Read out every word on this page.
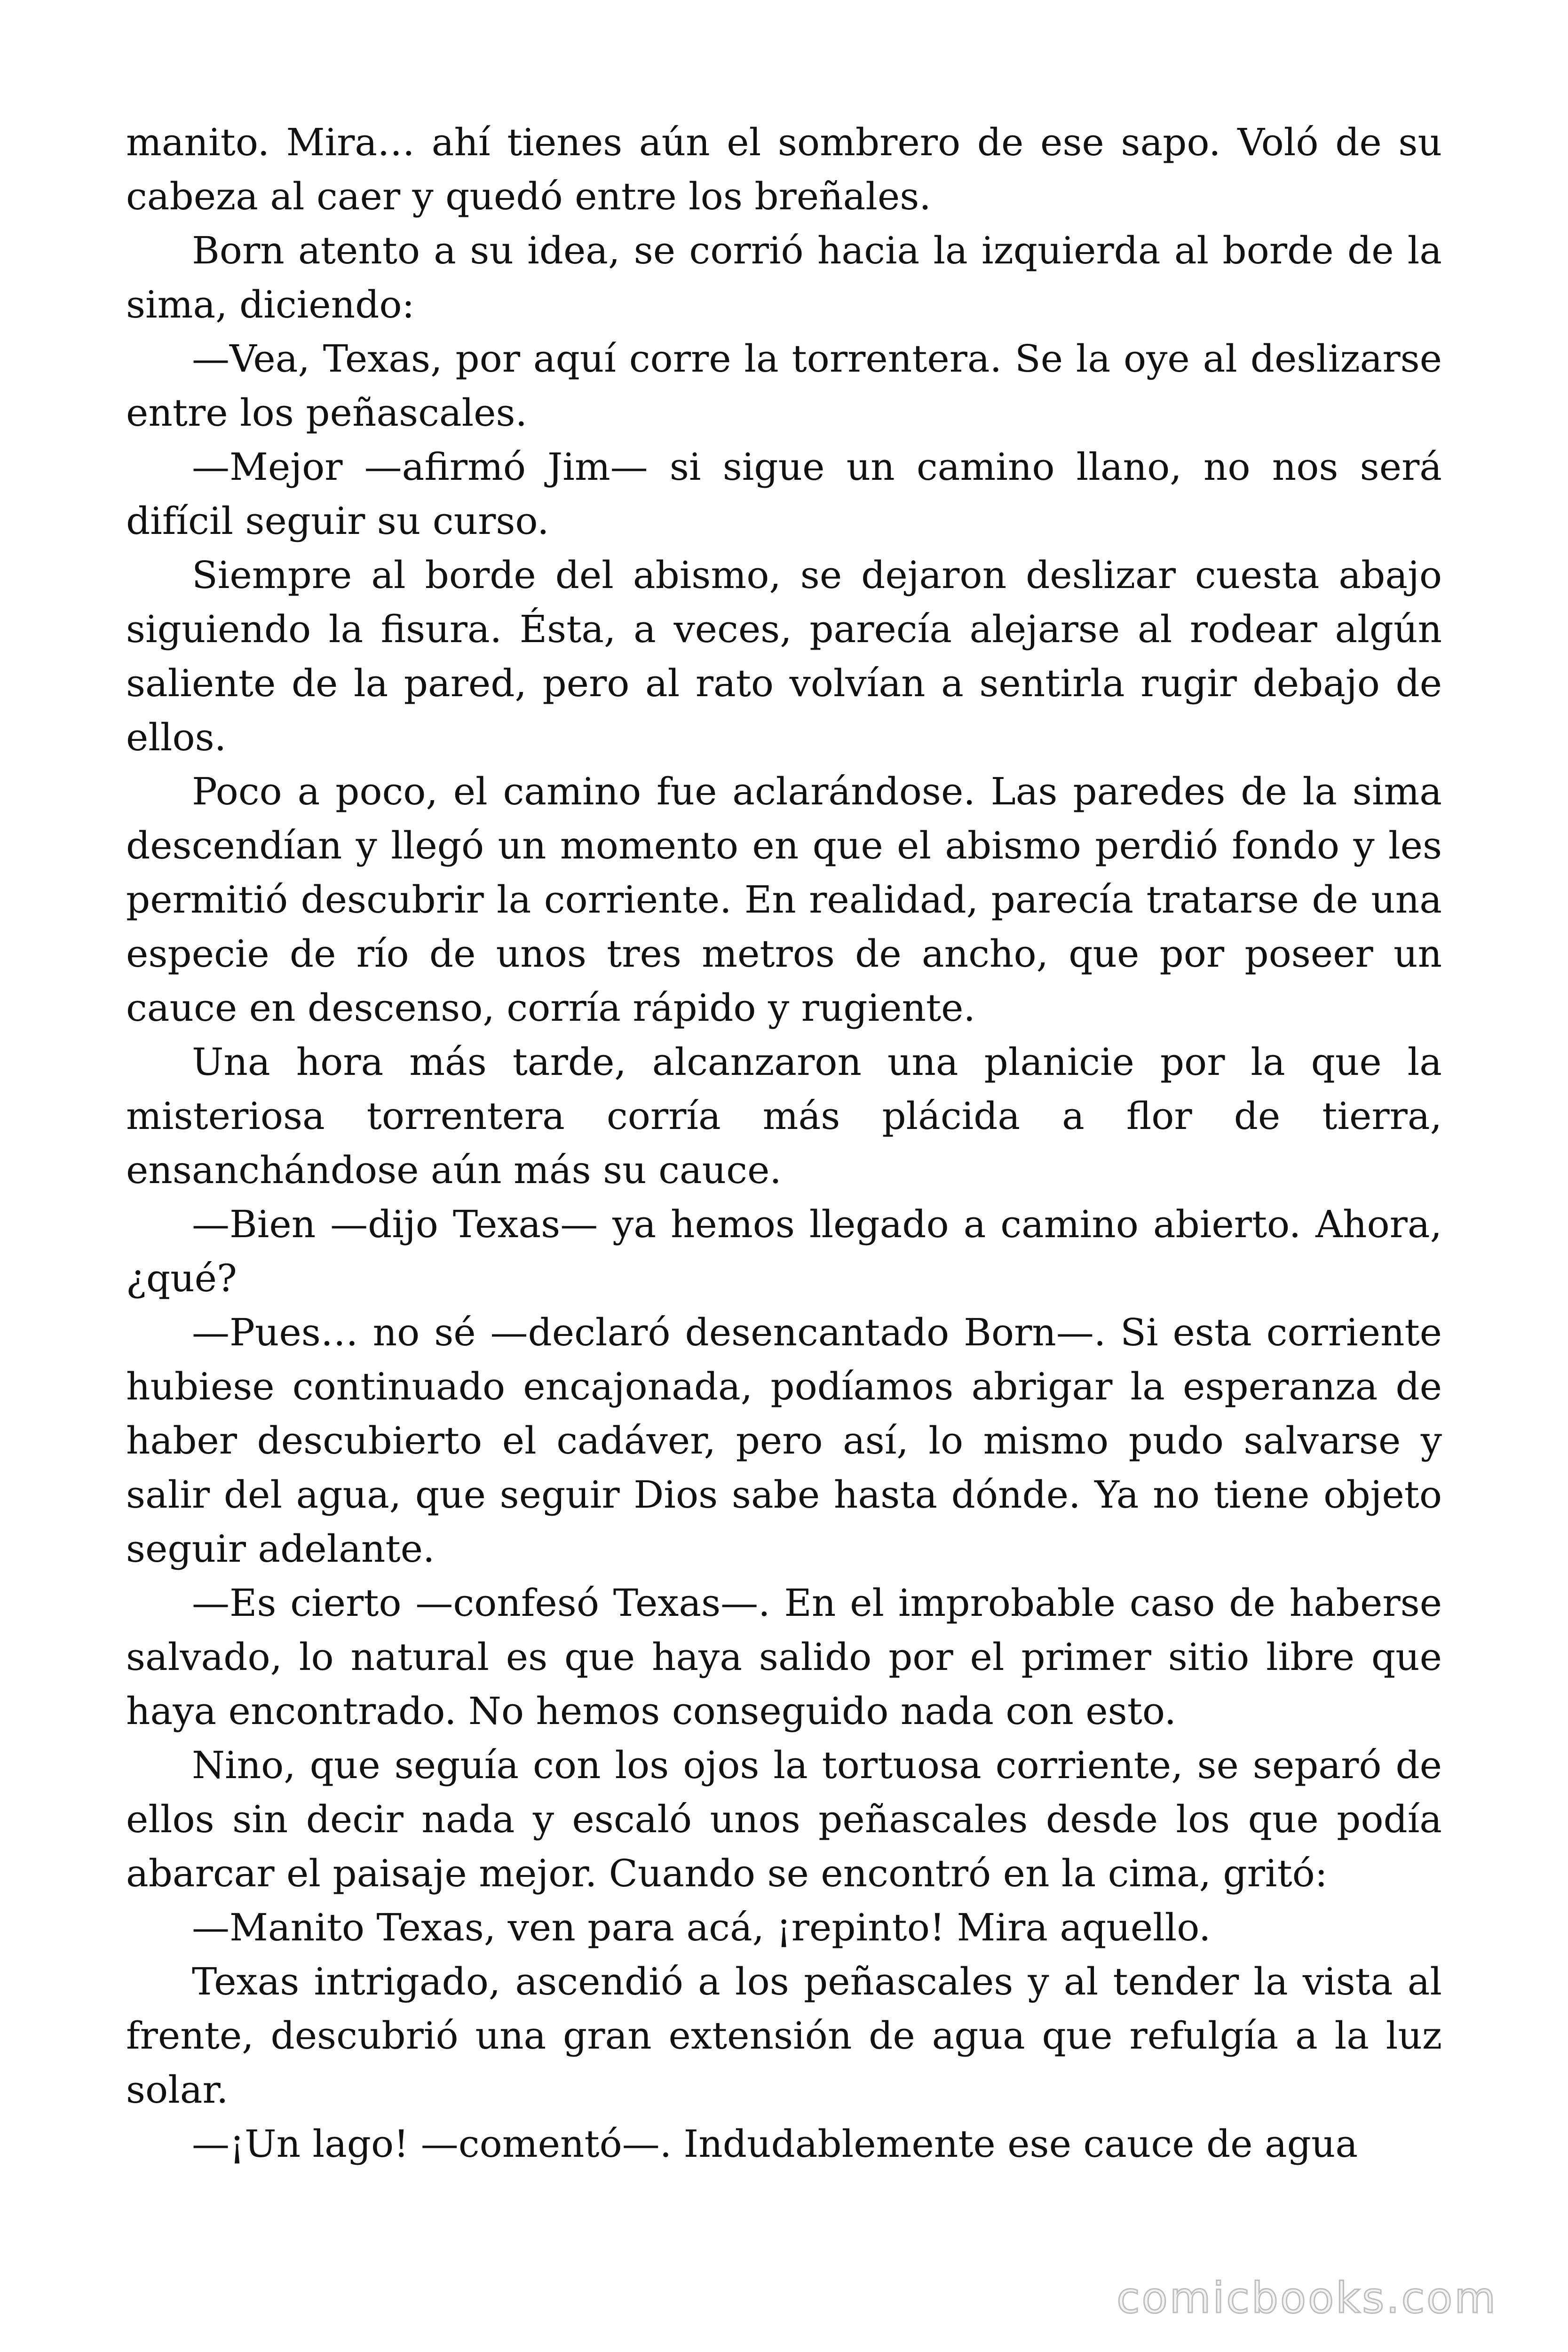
manito. Mira… ahí tienes aún el sombrero de ese sapo. Voló de su cabeza al caer y quedó entre los breñales.

Born atento a su idea, se corrió hacia la izquierda al borde de la sima, diciendo:

—Vea, Texas, por aquí corre la torrentera. Se la oye al deslizarse entre los peñascales.

—Mejor —afirmó Jim— si sigue un camino llano, no nos será difícil seguir su curso.

Siempre al borde del abismo, se dejaron deslizar cuesta abajo siguiendo la fisura. Ésta, a veces, parecía alejarse al rodear algún saliente de la pared, pero al rato volvían a sentirla rugir debajo de ellos.

Poco a poco, el camino fue aclarándose. Las paredes de la sima descendían y llegó un momento en que el abismo perdió fondo y les permitió descubrir la corriente. En realidad, parecía tratarse de una especie de río de unos tres metros de ancho, que por poseer un cauce en descenso, corría rápido y rugiente.

Una hora más tarde, alcanzaron una planicie por la que la misteriosa torrentera corría más plácida a flor de tierra, ensanchándose aún más su cauce.

—Bien —dijo Texas— ya hemos llegado a camino abierto. Ahora, ¿qué?

—Pues… no sé —declaró desencantado Born—. Si esta corriente hubiese continuado encajonada, podíamos abrigar la esperanza de haber descubierto el cadáver, pero así, lo mismo pudo salvarse y salir del agua, que seguir Dios sabe hasta dónde. Ya no tiene objeto seguir adelante.

—Es cierto —confesó Texas—. En el improbable caso de haberse salvado, lo natural es que haya salido por el primer sitio libre que haya encontrado. No hemos conseguido nada con esto.

Nino, que seguía con los ojos la tortuosa corriente, se separó de ellos sin decir nada y escaló unos peñascales desde los que podía abarcar el paisaje mejor. Cuando se encontró en la cima, gritó:

—Manito Texas, ven para acá, ¡repinto! Mira aquello.

Texas intrigado, ascendió a los peñascales y al tender la vista al frente, descubrió una gran extensión de agua que refulgía a la luz solar.

—¡Un lago! —comentó—. Indudablemente ese cauce de agua

comicbooks.com
